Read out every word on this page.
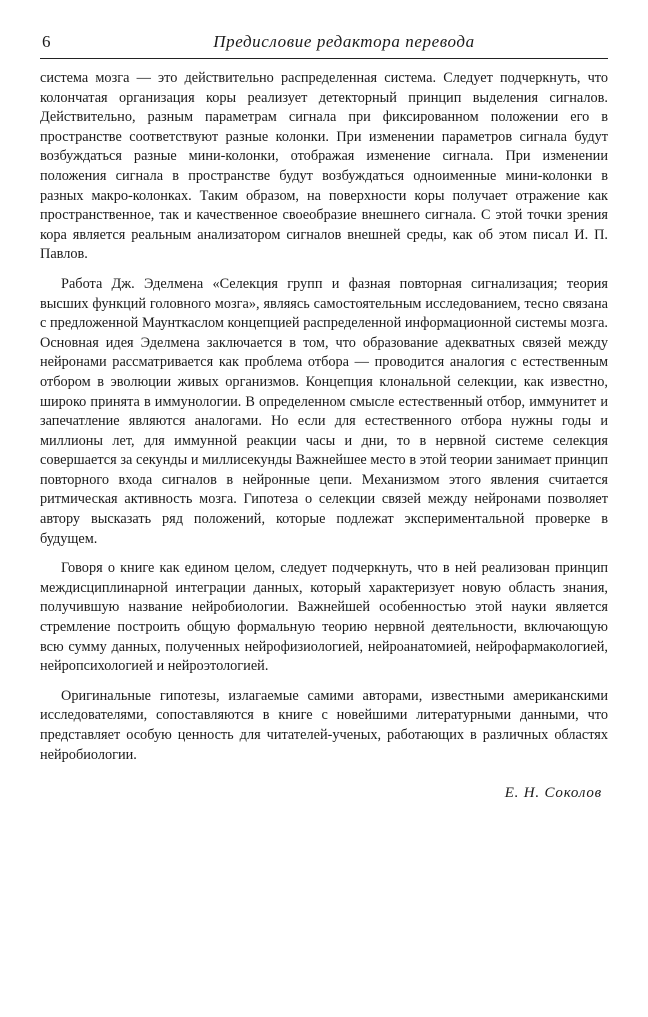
6	Предисловие редактора перевода

система мозга — это действительно распределенная система. Следует подчеркнуть, что колончатая организация коры реализует детекторный принцип выделения сигналов. Действительно, разным параметрам сигнала при фиксированном положении его в пространстве соответствуют разные колонки. При изменении параметров сигнала будут возбуждаться разные мини-колонки, отображая изменение сигнала. При изменении положения сигнала в пространстве будут возбуждаться одноименные мини-колонки в разных макро-колонках. Таким образом, на поверхности коры получает отражение как пространственное, так и качественное своеобразие внешнего сигнала. С этой точки зрения кора является реальным анализатором сигналов внешней среды, как об этом писал И. П. Павлов.

Работа Дж. Эделмена «Селекция групп и фазная повторная сигнализация; теория высших функций головного мозга», являясь самостоятельным исследованием, тесно связана с предложенной Маунткаслом концепцией распределенной информационной системы мозга. Основная идея Эделмена заключается в том, что образование адекватных связей между нейронами рассматривается как проблема отбора — проводится аналогия с естественным отбором в эволюции живых организмов. Концепция клональной селекции, как известно, широко принята в иммунологии. В определенном смысле естественный отбор, иммунитет и запечатление являются аналогами. Но если для естественного отбора нужны годы и миллионы лет, для иммунной реакции часы и дни, то в нервной системе селекция совершается за секунды и миллисекунды Важнейшее место в этой теории занимает принцип повторного входа сигналов в нейронные цепи. Механизмом этого явления считается ритмическая активность мозга. Гипотеза о селекции связей между нейронами позволяет автору высказать ряд положений, которые подлежат экспериментальной проверке в будущем.

Говоря о книге как едином целом, следует подчеркнуть, что в ней реализован принцип междисциплинарной интеграции данных, который характеризует новую область знания, получившую название нейробиологии. Важнейшей особенностью этой науки является стремление построить общую формальную теорию нервной деятельности, включающую всю сумму данных, полученных нейрофизиологией, нейроанатомией, нейрофармакологией, нейропсихологией и нейроэтологией.

Оригинальные гипотезы, излагаемые самими авторами, известными американскими исследователями, сопоставляются в книге с новейшими литературными данными, что представляет особую ценность для читателей-ученых, работающих в различных областях нейробиологии.

Е. Н. Соколов
